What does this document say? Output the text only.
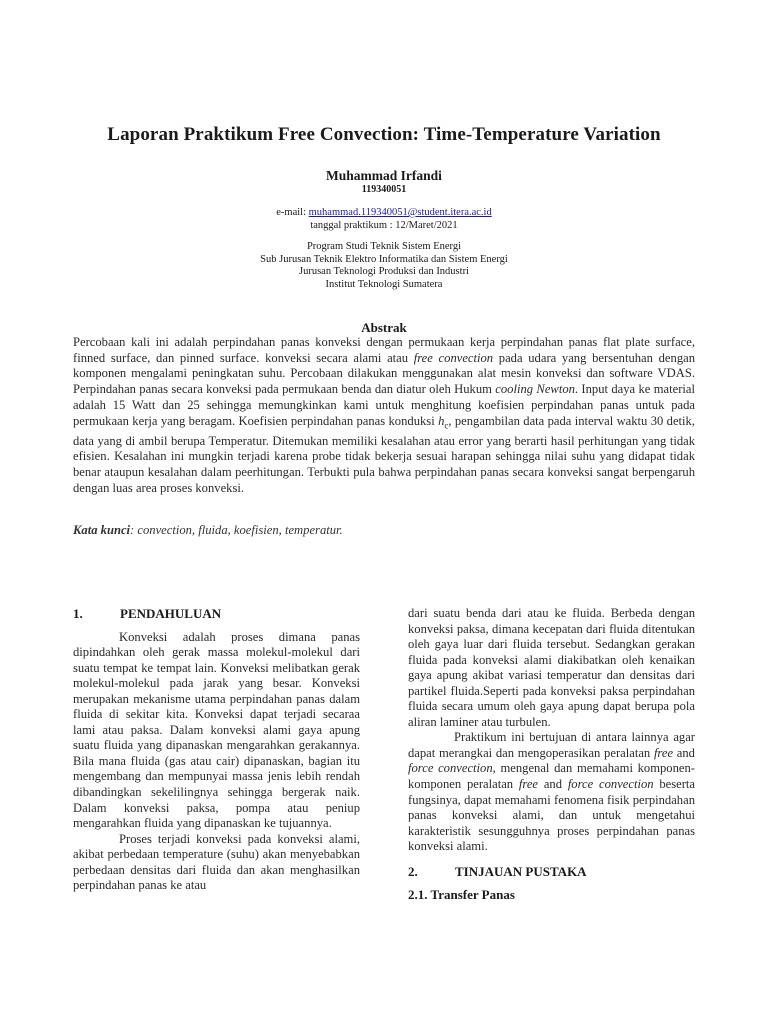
Laporan Praktikum Free Convection: Time-Temperature Variation
Muhammad Irfandi
119340051
e-mail: muhammad.119340051@student.itera.ac.id
tanggal praktikum : 12/Maret/2021
Program Studi Teknik Sistem Energi
Sub Jurusan Teknik Elektro Informatika dan Sistem Energi
Jurusan Teknologi Produksi dan Industri
Institut Teknologi Sumatera
Abstrak
Percobaan kali ini adalah perpindahan panas konveksi dengan permukaan kerja perpindahan panas flat plate surface, finned surface, dan pinned surface. konveksi secara alami atau free convection pada udara yang bersentuhan dengan komponen mengalami peningkatan suhu. Percobaan dilakukan menggunakan alat mesin konveksi dan software VDAS. Perpindahan panas secara konveksi pada permukaan benda dan diatur oleh Hukum cooling Newton. Input daya ke material adalah 15 Watt dan 25 sehingga memungkinkan kami untuk menghitung koefisien perpindahan panas untuk pada permukaan kerja yang beragam. Koefisien perpindahan panas konduksi $h_c$, pengambilan data pada interval waktu 30 detik, data yang di ambil berupa Temperatur. Ditemukan memiliki kesalahan atau error yang berarti hasil perhitungan yang tidak efisien. Kesalahan ini mungkin terjadi karena probe tidak bekerja sesuai harapan sehingga nilai suhu yang didapat tidak benar ataupun kesalahan dalam peerhitungan. Terbukti pula bahwa perpindahan panas secara konveksi sangat berpengaruh dengan luas area proses konveksi.
Kata kunci: convection, fluida, koefisien, temperatur.
1.	PENDAHULUAN

Konveksi adalah proses dimana panas dipindahkan oleh gerak massa molekul-molekul dari suatu tempat ke tempat lain. Konveksi melibatkan gerak molekul-molekul pada jarak yang besar. Konveksi merupakan mekanisme utama perpindahan panas dalam fluida di sekitar kita. Konveksi dapat terjadi secaraa lami atau paksa. Dalam konveksi alami gaya apung suatu fluida yang dipanaskan mengarahkan gerakannya. Bila mana fluida (gas atau cair) dipanaskan, bagian itu mengembang dan mempunyai massa jenis lebih rendah dibandingkan sekelilingnya sehingga bergerak naik. Dalam konveksi paksa, pompa atau peniup mengarahkan fluida yang dipanaskan ke tujuannya.

Proses terjadi konveksi pada konveksi alami, akibat perbedaan temperature (suhu) akan menyebabkan perbedaan densitas dari fluida dan akan menghasilkan perpindahan panas ke atau

dari suatu benda dari atau ke fluida. Berbeda dengan konveksi paksa, dimana kecepatan dari fluida ditentukan oleh gaya luar dari fluida tersebut. Sedangkan gerakan fluida pada konveksi alami diakibatkan oleh kenaikan gaya apung akibat variasi temperatur dan densitas dari partikel fluida.Seperti pada konveksi paksa perpindahan fluida secara umum oleh gaya apung dapat berupa pola aliran laminer atau turbulen.

Praktikum ini bertujuan di antara lainnya agar dapat merangkai dan mengoperasikan peralatan free and force convection, mengenal dan memahami komponen-komponen peralatan free and force convection beserta fungsinya, dapat memahami fenomena fisik perpindahan panas konveksi alami, dan untuk mengetahui karakteristik sesungguhnya proses perpindahan panas konveksi alami.

2.	TINJAUAN PUSTAKA
2.1. Transfer Panas
